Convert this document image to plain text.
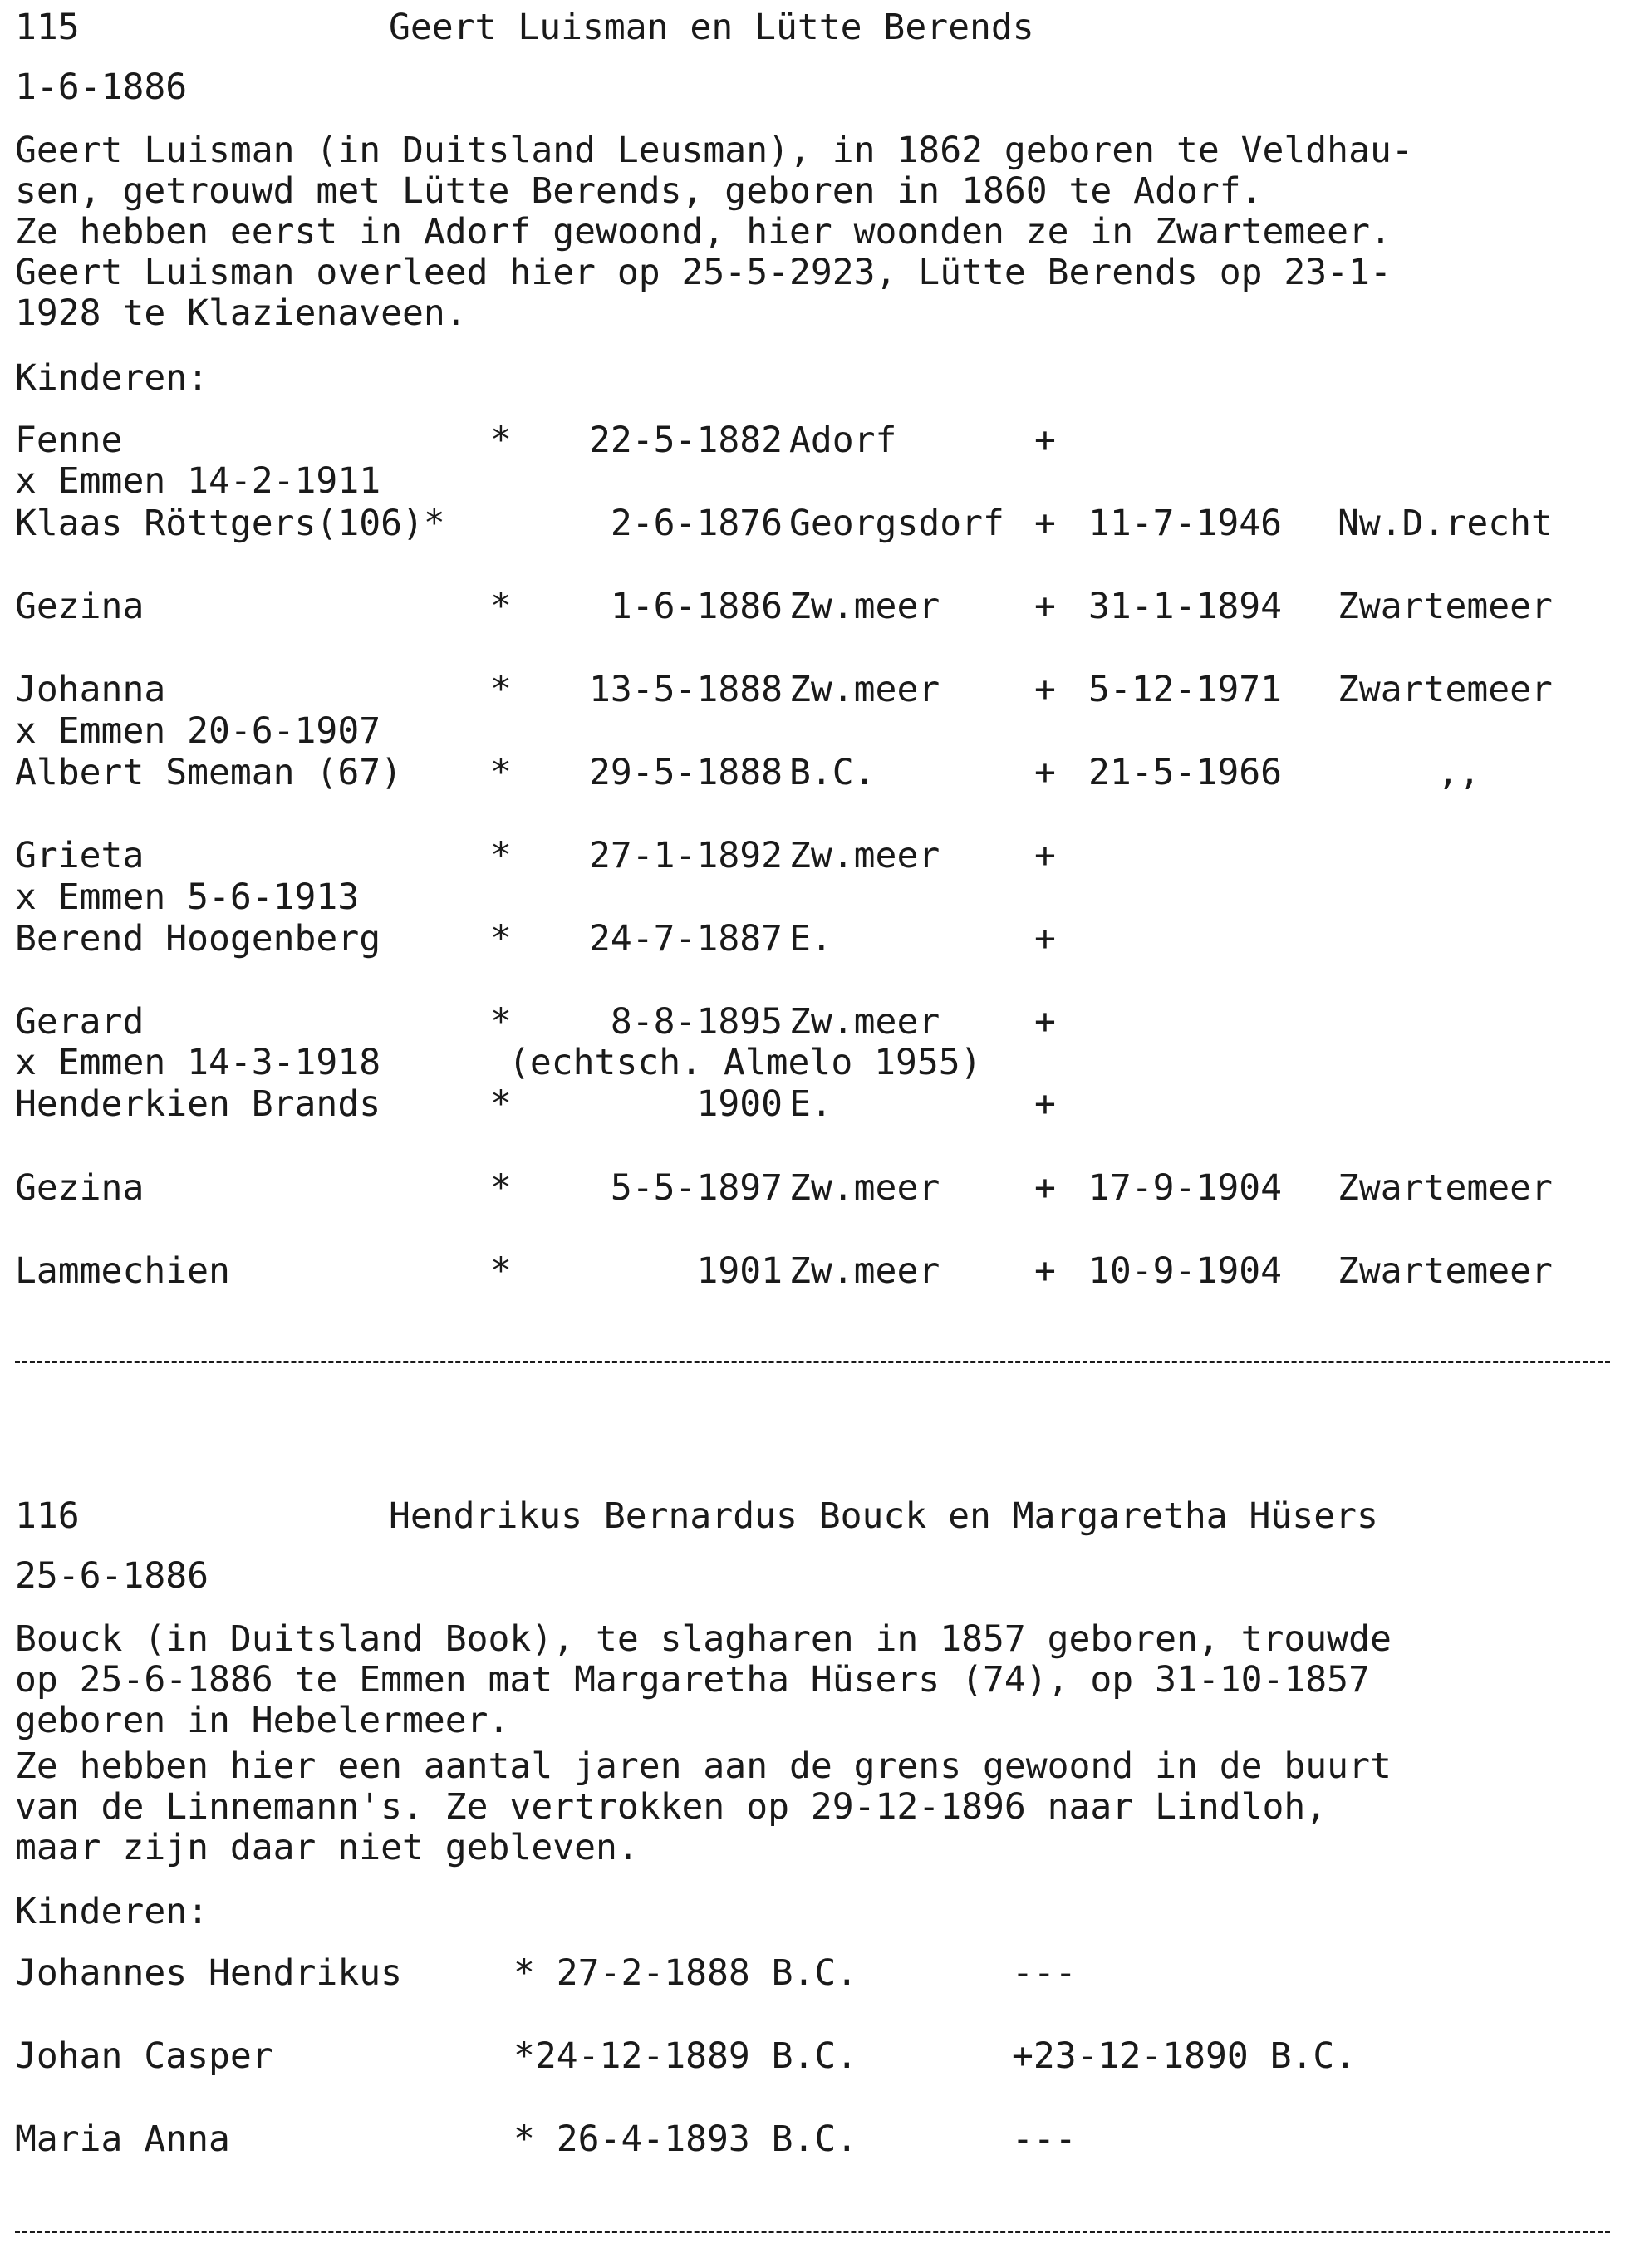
115	Geert Luisman en Lütte Berends
1-6-1886
Geert Luisman (in Duitsland Leusman), in 1862 geboren te Veldhau-
sen, getrouwd met Lütte Berends, geboren in 1860 te Adorf.
Ze hebben eerst in Adorf gewoond, hier woonden ze in Zwartemeer.
Geert Luisman overleed hier op 25-5-2923, Lütte Berends op 23-1-
1928 te Klazienaveen.
Kinderen:
Fenne	*	22-5-1882 Adorf	+
x Emmen 14-2-1911
Klaas Röttgers(106)*	2-6-1876 Georgsdorf + 11-7-1946 Nw.D.recht
Gezina	*	1-6-1886 Zw.meer	+ 31-1-1894 Zwartemeer
Johanna	*	13-5-1888 Zw.meer	+ 5-12-1971 Zwartemeer
x Emmen 20-6-1907
Albert Smeman (67) *	29-5-1888 B.C.	+ 21-5-1966	,,
Grieta	*	27-1-1892 Zw.meer	+
x Emmen 5-6-1913
Berend Hoogenberg	*	24-7-1887 E.	+
Gerard	*	8-8-1895 Zw.meer	+
x Emmen 14-3-1918	(echtsch. Almelo 1955)
Henderkien Brands	*	1900 E.	+
Gezina	*	5-5-1897 Zw.meer	+ 17-9-1904 Zwartemeer
Lammechien	*	1901 Zw.meer	+ 10-9-1904 Zwartemeer
116	Hendrikus Bernardus Bouck en Margaretha Hüsers
25-6-1886
Bouck (in Duitsland Book), te slagharen in 1857 geboren, trouwde
op 25-6-1886 te Emmen mat Margaretha Hüsers (74), op 31-10-1857
geboren in Hebelermeer.
Ze hebben hier een aantal jaren aan de grens gewoond in de buurt
van de Linnemann's. Ze vertrokken op 29-12-1896 naar Lindloh,
maar zijn daar niet gebleven.
Kinderen:
Johannes Hendrikus	* 27-2-1888 B.C.	---
Johan Casper	*24-12-1889 B.C.	+23-12-1890 B.C.
Maria Anna	* 26-4-1893 B.C.	---
